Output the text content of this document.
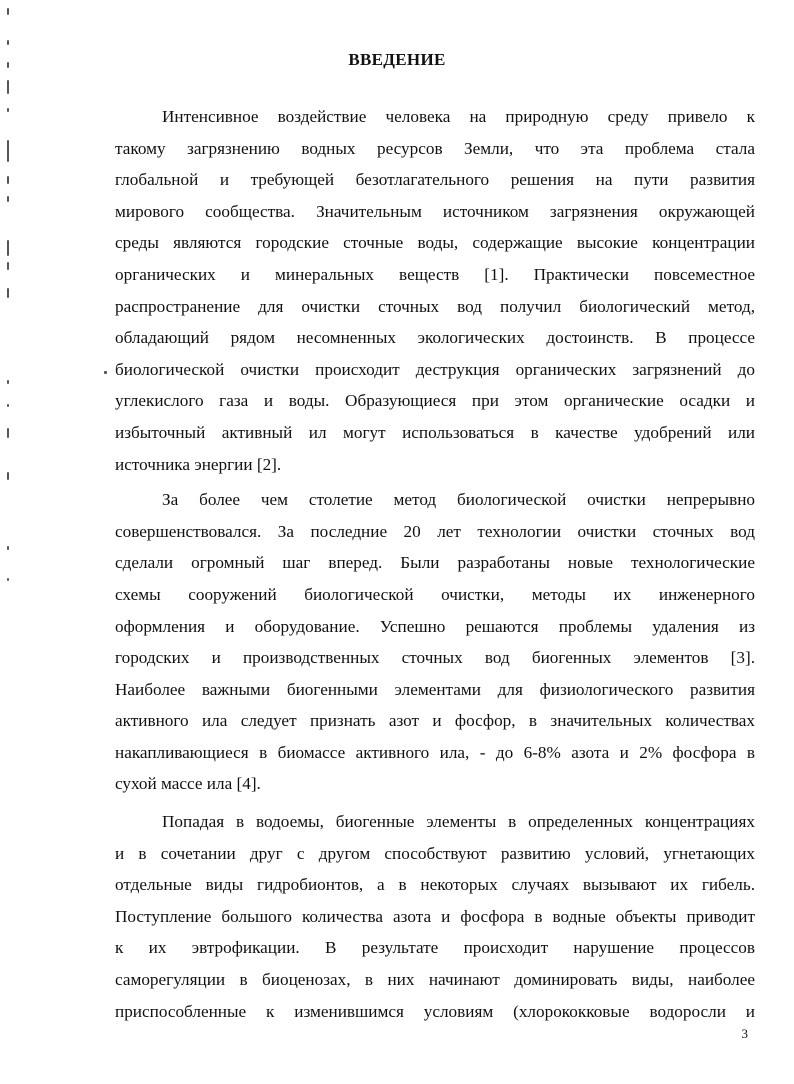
ВВЕДЕНИЕ
Интенсивное воздействие человека на природную среду привело к
такому загрязнению водных ресурсов Земли, что эта проблема стала
глобальной и требующей безотлагательного решения на пути развития
мирового сообщества. Значительным источником загрязнения окружающей
среды являются городские сточные воды, содержащие высокие концентрации
органических и минеральных веществ [1]. Практически повсеместное
распространение для очистки сточных вод получил биологический метод,
обладающий рядом несомненных экологических достоинств. В процессе
биологической очистки происходит деструкция органических загрязнений до
углекислого газа и воды. Образующиеся при этом органические осадки и
избыточный активный ил могут использоваться в качестве удобрений или
источника энергии [2].
За более чем столетие метод биологической очистки непрерывно
совершенствовался. За последние 20 лет технологии очистки сточных вод
сделали огромный шаг вперед. Были разработаны новые технологические
схемы сооружений биологической очистки, методы их инженерного
оформления и оборудование. Успешно решаются проблемы удаления из
городских и производственных сточных вод биогенных элементов [3].
Наиболее важными биогенными элементами для физиологического развития
активного ила следует признать азот и фосфор, в значительных количествах
накапливающиеся в биомассе активного ила, - до 6-8% азота и 2% фосфора в
сухой массе ила [4].
Попадая в водоемы, биогенные элементы в определенных концентрациях
и в сочетании друг с другом способствуют развитию условий, угнетающих
отдельные виды гидробионтов, а в некоторых случаях вызывают их гибель.
Поступление большого количества азота и фосфора в водные объекты приводит
к их эвтрофикации. В результате происходит нарушение процессов
саморегуляции в биоценозах, в них начинают доминировать виды, наиболее
приспособленные к изменившимся условиям (хлорококковые водоросли и
3
